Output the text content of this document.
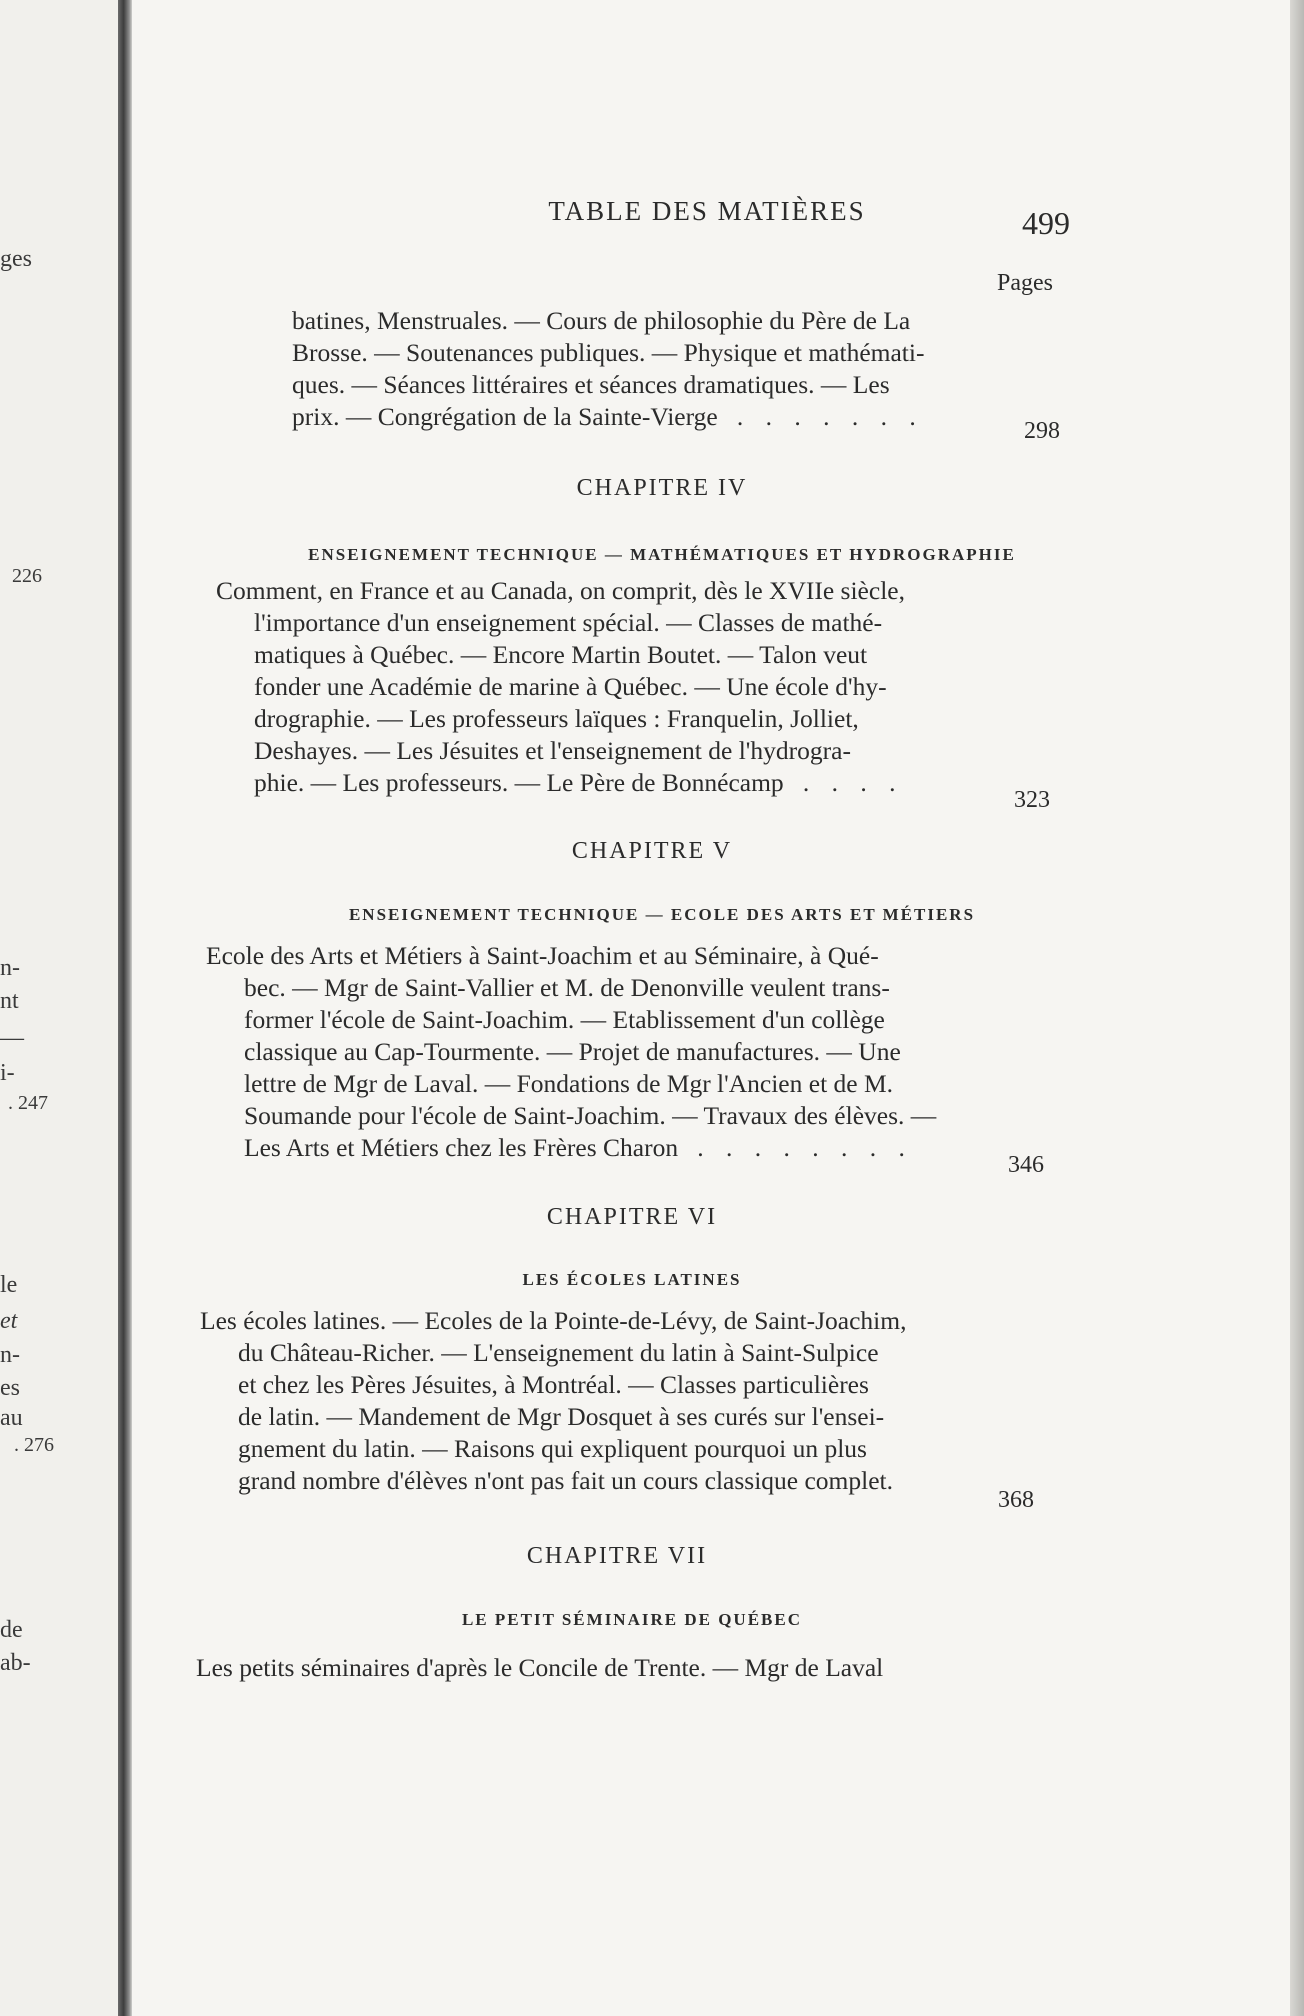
ges
226
n-
nt
—
i-
. 247
le
et
n-
es
au
. 276
de
ab-
TABLE DES MATIÈRES	499
Pages
batines, Menstruales. — Cours de philosophie du Père de La
Brosse. — Soutenances publiques. — Physique et mathémati-
ques. — Séances littéraires et séances dramatiques. — Les
prix. — Congrégation de la Sainte-Vierge . . . . . . .	298
CHAPITRE IV
ENSEIGNEMENT TECHNIQUE — MATHÉMATIQUES ET HYDROGRAPHIE
Comment, en France et au Canada, on comprit, dès le XVIIe siècle,
l'importance d'un enseignement spécial. — Classes de mathé-
matiques à Québec. — Encore Martin Boutet. — Talon veut
fonder une Académie de marine à Québec. — Une école d'hy-
drographie. — Les professeurs laïques : Franquelin, Jolliet,
Deshayes. — Les Jésuites et l'enseignement de l'hydrogra-
phie. — Les professeurs. — Le Père de Bonnécamp . . . .
323
CHAPITRE V
ENSEIGNEMENT TECHNIQUE — ECOLE DES ARTS ET MÉTIERS
Ecole des Arts et Métiers à Saint-Joachim et au Séminaire, à Qué-
bec. — Mgr de Saint-Vallier et M. de Denonville veulent trans-
former l'école de Saint-Joachim. — Etablissement d'un collège
classique au Cap-Tourmente. — Projet de manufactures. — Une
lettre de Mgr de Laval. — Fondations de Mgr l'Ancien et de M.
Soumande pour l'école de Saint-Joachim. — Travaux des élèves. —
Les Arts et Métiers chez les Frères Charon . . . . . . . .
346
CHAPITRE VI
LES ÉCOLES LATINES
Les écoles latines. — Ecoles de la Pointe-de-Lévy, de Saint-Joachim,
du Château-Richer. — L'enseignement du latin à Saint-Sulpice
et chez les Pères Jésuites, à Montréal. — Classes particulières
de latin. — Mandement de Mgr Dosquet à ses curés sur l'ensei-
gnement du latin. — Raisons qui expliquent pourquoi un plus
grand nombre d'élèves n'ont pas fait un cours classique complet.
368
CHAPITRE VII
LE PETIT SÉMINAIRE DE QUÉBEC
Les petits séminaires d'après le Concile de Trente. — Mgr de Laval
